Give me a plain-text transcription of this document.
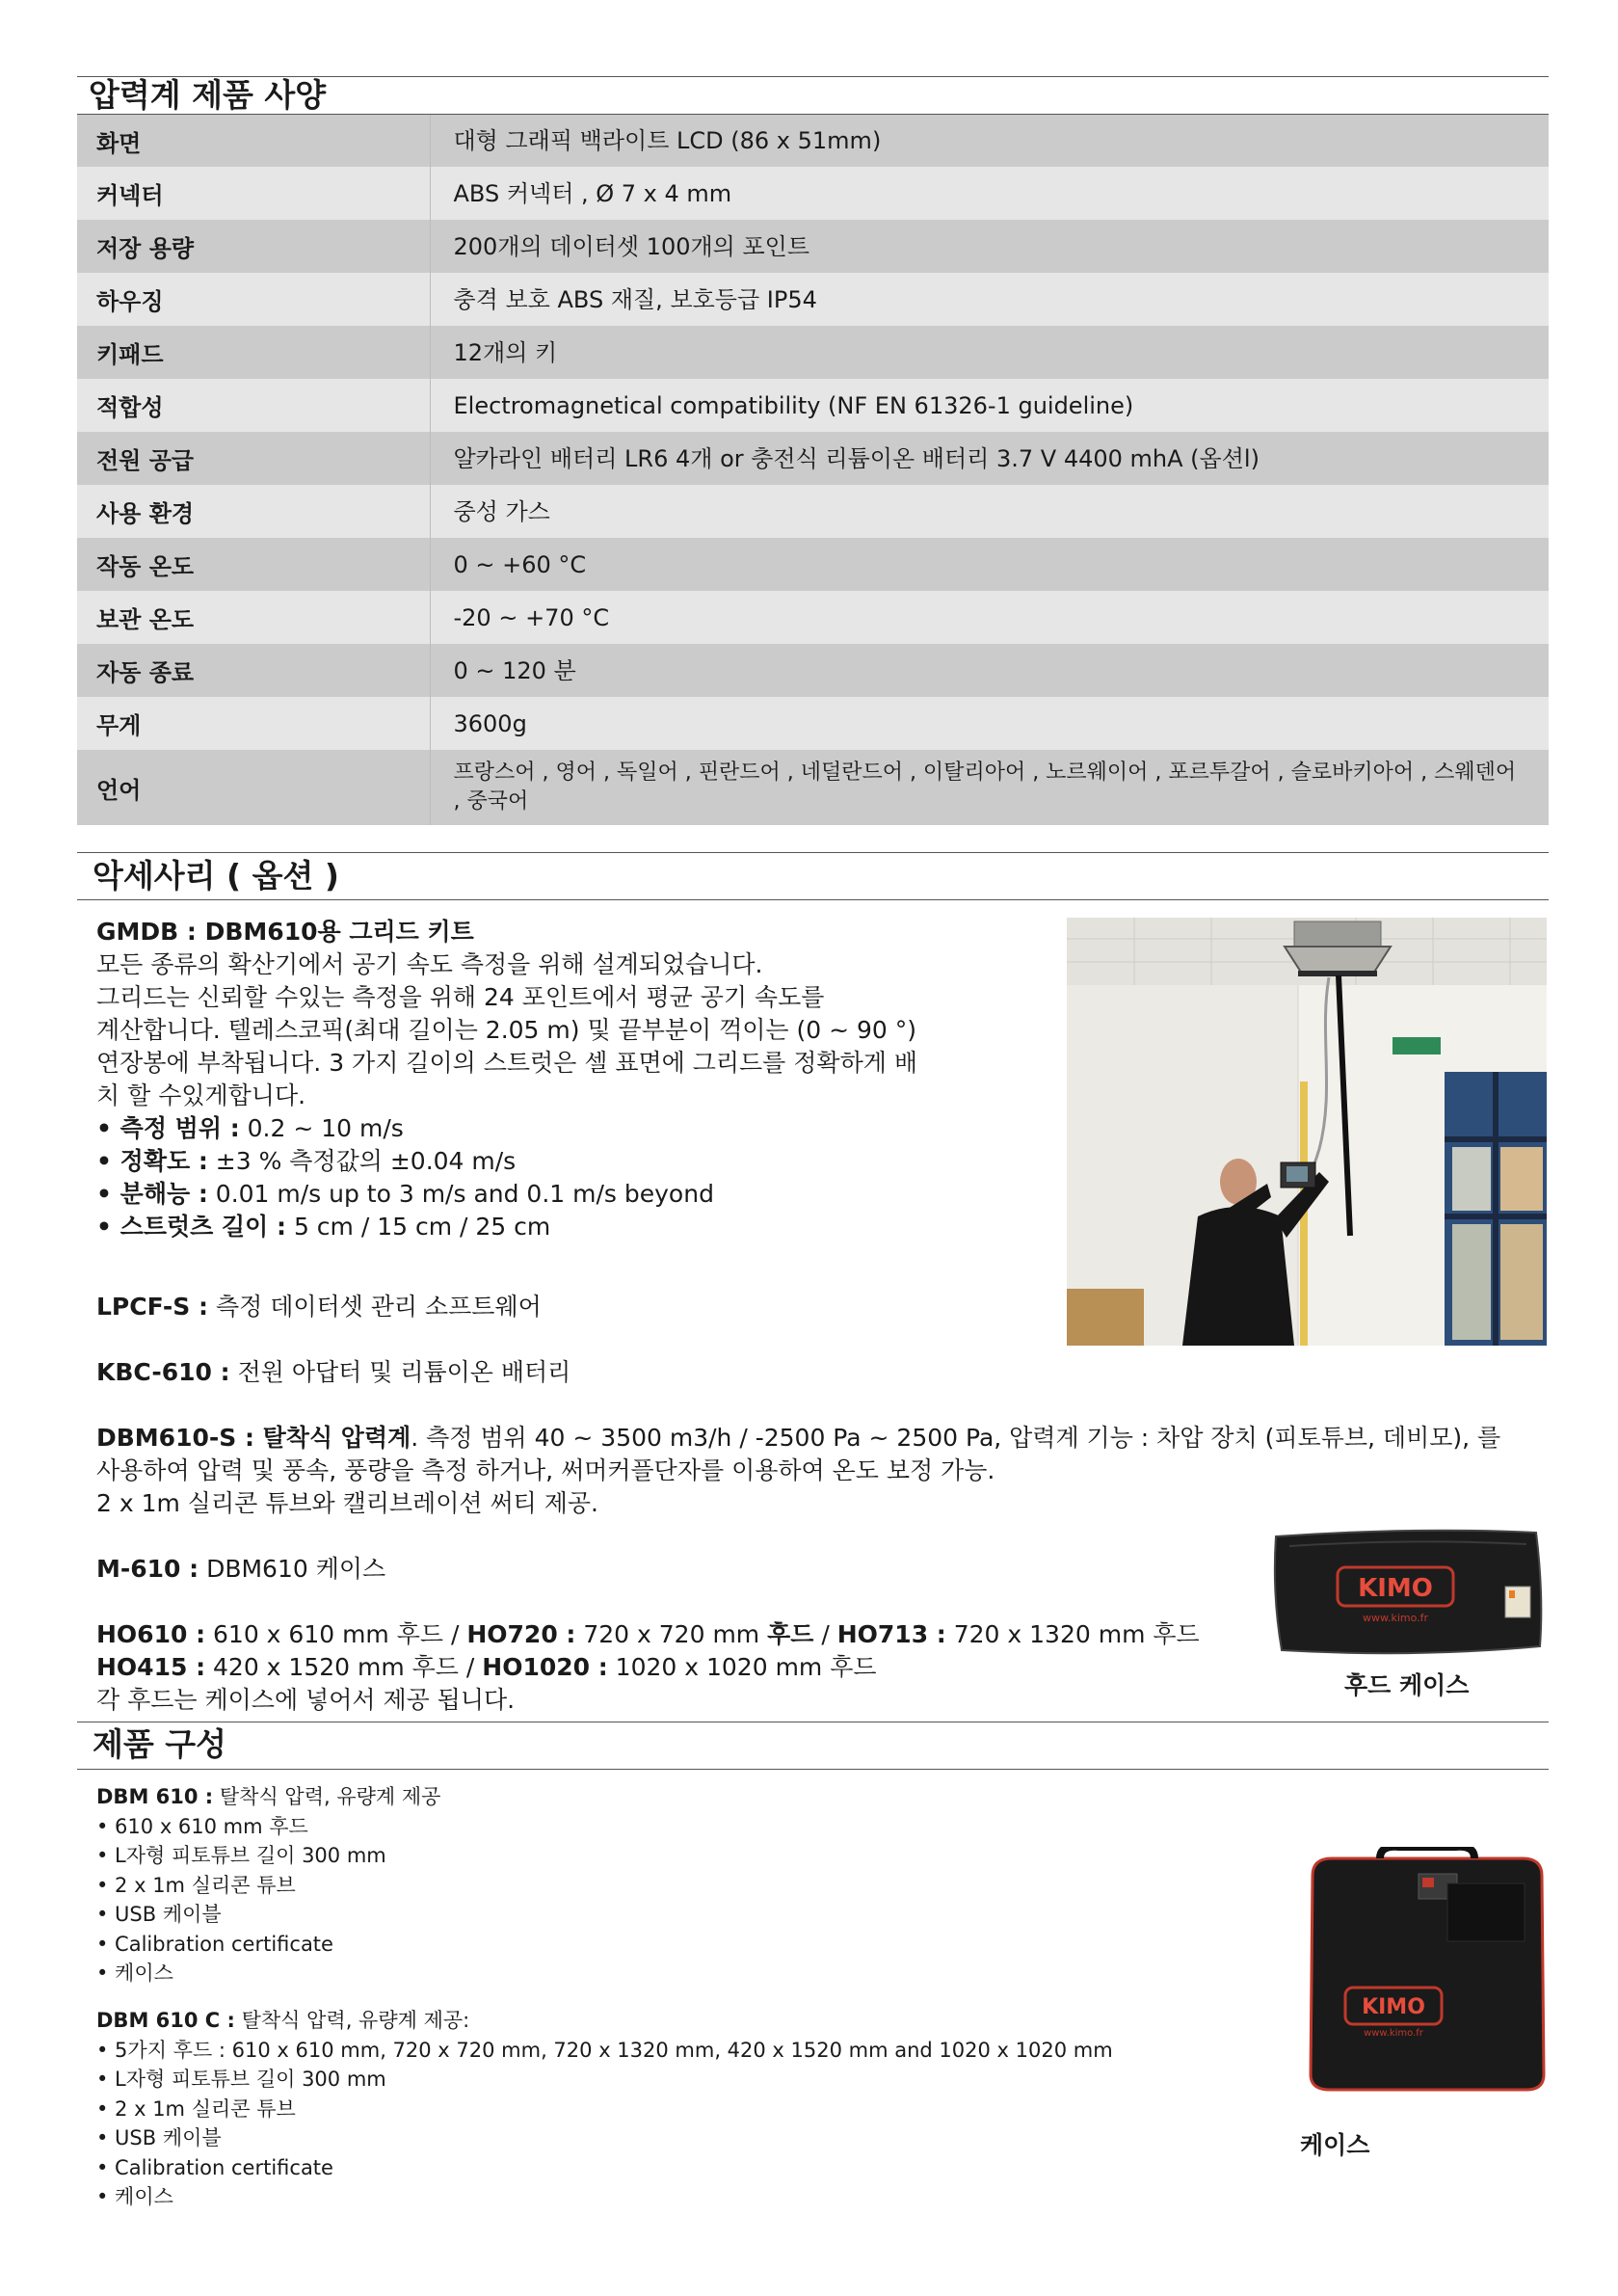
압력계 제품 사양
화면	대형 그래픽 백라이트 LCD (86 x 51mm)
커넥터	ABS 커넥터 , Ø 7 x 4 mm
저장 용량	200개의 데이터셋 100개의 포인트
하우징	충격 보호 ABS 재질, 보호등급 IP54
키패드	12개의 키
적합성	Electromagnetical compatibility (NF EN 61326-1 guideline)
전원 공급	알카라인 배터리 LR6 4개 or 충전식 리튬이온 배터리 3.7 V 4400 mhA (옵션l)
사용 환경	중성 가스
작동 온도	0 ~ +60 °C
보관 온도	-20 ~ +70 °C
자동 종료	0 ~ 120 분
무게	3600g
언어	프랑스어 , 영어 , 독일어 , 핀란드어 , 네덜란드어 , 이탈리아어 , 노르웨이어 , 포르투갈어 , 슬로바키아어 , 스웨덴어 , 중국어
악세사리 ( 옵션 )
GMDB : DBM610용 그리드 키트
모든 종류의 확산기에서 공기 속도 측정을 위해 설계되었습니다.
그리드는 신뢰할 수있는 측정을 위해 24 포인트에서 평균 공기 속도를
계산합니다. 텔레스코픽(최대 길이는 2.05 m) 및 끝부분이 꺽이는 (0 ~ 90 °)
연장봉에 부착됩니다. 3 가지 길이의 스트럿은 셀 표면에 그리드를 정확하게 배
치 할 수있게합니다.
• 측정 범위 : 0.2 ~ 10 m/s
• 정확도 : ±3 % 측정값의 ±0.04 m/s
• 분해능 : 0.01 m/s up to 3 m/s and 0.1 m/s beyond
• 스트럿츠 길이 : 5 cm / 15 cm / 25 cm
LPCF-S : 측정 데이터셋 관리 소프트웨어
KBC-610 : 전원 아답터 및 리튬이온 배터리
DBM610-S : 탈착식 압력계. 측정 범위 40 ~ 3500 m3/h / -2500 Pa ~ 2500 Pa, 압력계 기능 : 차압 장치 (피토튜브, 데비모), 를
사용하여 압력 및 풍속, 풍량을 측정 하거나, 써머커플단자를 이용하여 온도 보정 가능.
2 x 1m 실리콘 튜브와 캘리브레이션 써티 제공.
M-610 : DBM610 케이스
HO610 : 610 x 610 mm 후드 / HO720 : 720 x 720 mm 후드 / HO713 : 720 x 1320 mm 후드
HO415 : 420 x 1520 mm 후드 / HO1020 : 1020 x 1020 mm 후드
각 후드는 케이스에 넣어서 제공 됩니다.
KIMO
www.kimo.fr
후드 케이스
제품 구성
DBM 610 : 탈착식 압력, 유량계 제공
• 610 x 610 mm 후드
• L자형 피토튜브 길이 300 mm
• 2 x 1m 실리콘 튜브
• USB 케이블
• Calibration certificate
• 케이스
DBM 610 C : 탈착식 압력, 유량계 제공:
• 5가지 후드 : 610 x 610 mm, 720 x 720 mm, 720 x 1320 mm, 420 x 1520 mm and 1020 x 1020 mm
• L자형 피토튜브 길이 300 mm
• 2 x 1m 실리콘 튜브
• USB 케이블
• Calibration certificate
• 케이스
KIMO
www.kimo.fr
케이스
